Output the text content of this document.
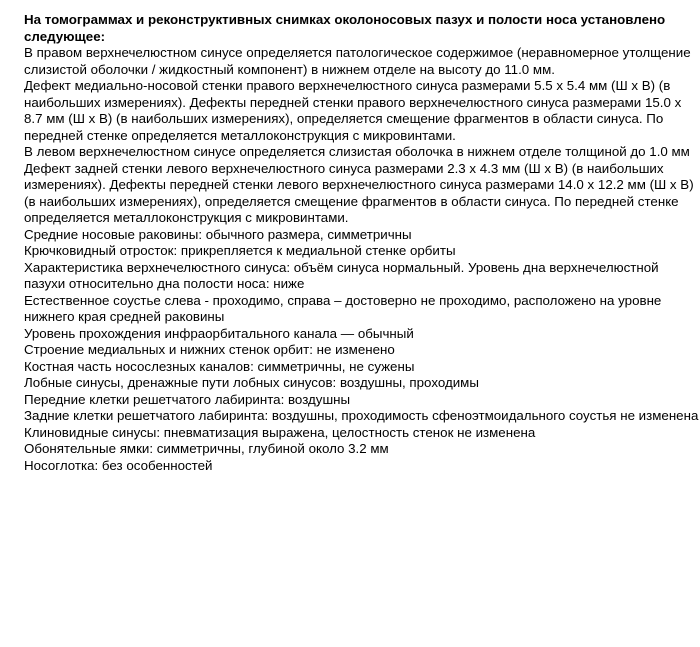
На томограммах и реконструктивных снимках околоносовых пазух и полости носа установлено следующее:

В правом верхнечелюстном синусе определяется патологическое содержимое (неравномерное утолщение слизистой оболочки / жидкостный компонент) в нижнем отделе на высоту до 11.0 мм.

Дефект медиально-носовой стенки правого верхнечелюстного синуса размерами 5.5 х 5.4 мм (Ш х В) (в наибольших измерениях). Дефекты передней стенки правого верхнечелюстного синуса размерами 15.0 х 8.7 мм (Ш х В) (в наибольших измерениях), определяется смещение фрагментов в области синуса. По передней стенке определяется металлоконструкция с микровинтами.

В левом верхнечелюстном синусе определяется слизистая оболочка в нижнем отделе толщиной до 1.0 мм

Дефект задней стенки левого верхнечелюстного синуса размерами 2.3 х 4.3 мм (Ш х В) (в наибольших измерениях). Дефекты передней стенки левого верхнечелюстного синуса размерами 14.0 х 12.2 мм (Ш х В) (в наибольших измерениях), определяется смещение фрагментов в области синуса. По передней стенке определяется металлоконструкция с микровинтами.

Средние носовые раковины: обычного размера, симметричны

Крючковидный отросток: прикрепляется к медиальной стенке орбиты

Характеристика верхнечелюстного синуса: объём синуса нормальный. Уровень дна верхнечелюстной пазухи относительно дна полости носа: ниже

Естественное соустье слева - проходимо, справа – достоверно не проходимо, расположено на уровне нижнего края средней раковины

Уровень прохождения инфраорбитального канала — обычный

Строение медиальных и нижних стенок орбит: не изменено

Костная часть носослезных каналов: симметричны, не сужены

Лобные синусы, дренажные пути лобных синусов: воздушны, проходимы

Передние клетки решетчатого лабиринта: воздушны

Задние клетки решетчатого лабиринта: воздушны, проходимость сфеноэтмоидального соустья не изменена

Клиновидные синусы: пневматизация выражена, целостность стенок не изменена

Обонятельные ямки: симметричны, глубиной около 3.2 мм

Носоглотка: без особенностей
